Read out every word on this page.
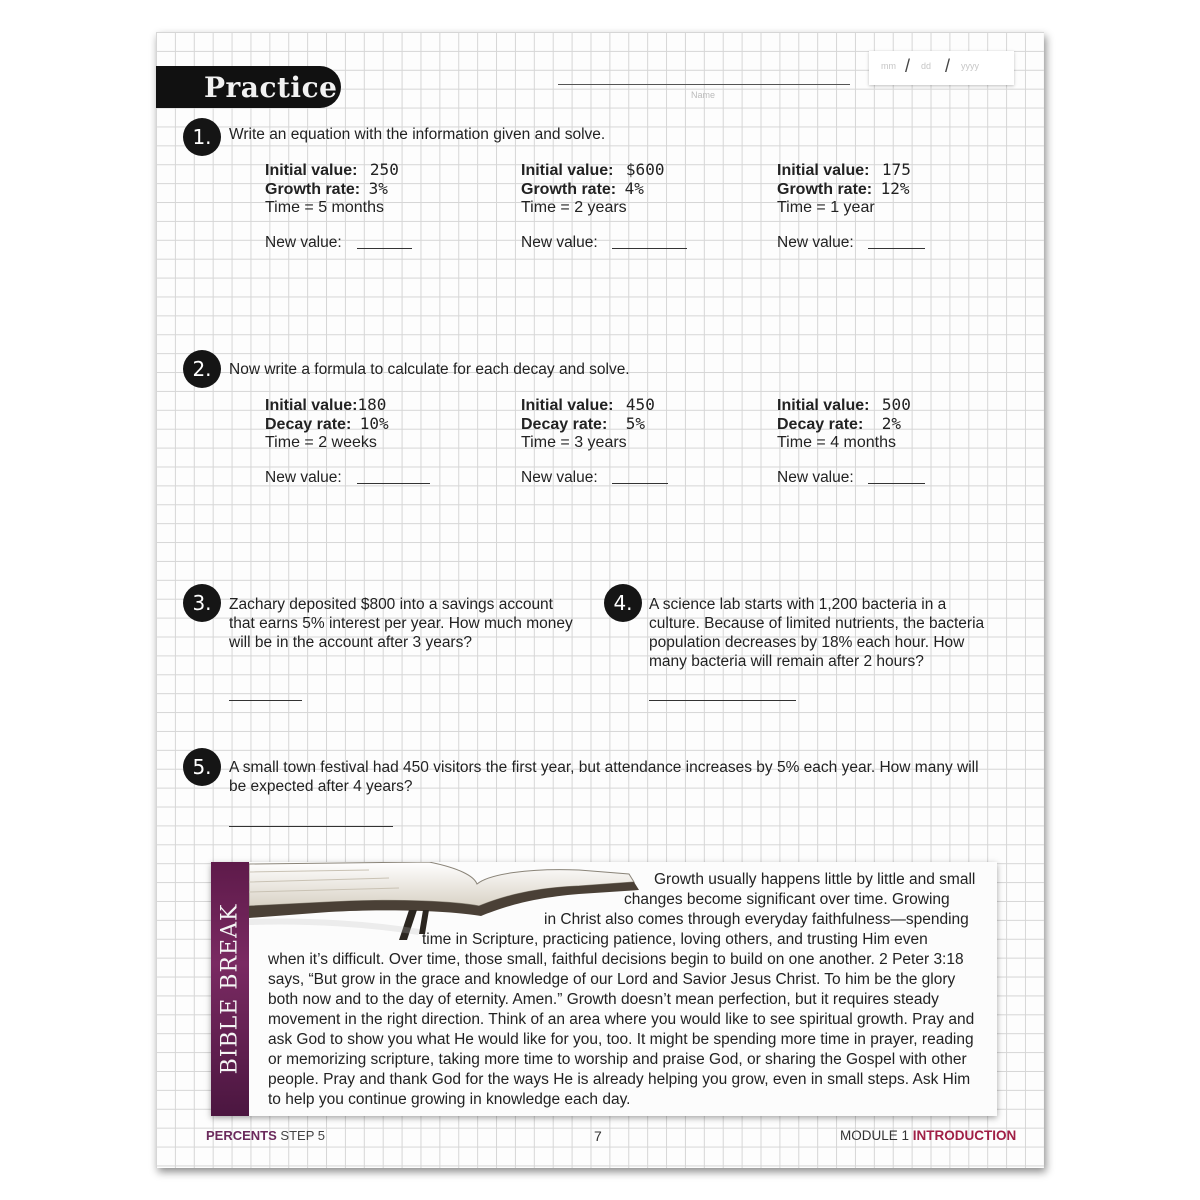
Practice	Name
mm / dd / yyyy
1.	Write an equation with the information given and solve.
Initial value: 250
Growth rate: 3%
Time = 5 months
Initial value: $600
Growth rate: 4%
Time = 2 years
Initial value: 175
Growth rate: 12%
Time = 1 year
New value:	New value:	New value:
2.	Now write a formula to calculate for each decay and solve.
Initial value:180
Decay rate: 10%
Time = 2 weeks
Initial value: 450
Decay rate: 5%
Time = 3 years
Initial value: 500
Decay rate: 2%
Time = 4 months
New value:	New value:	New value:
3.	Zachary deposited $800 into a savings account
that earns 5% interest per year. How much money
will be in the account after 3 years?
4.	A science lab starts with 1,200 bacteria in a
culture. Because of limited nutrients, the bacteria
population decreases by 18% each hour. How
many bacteria will remain after 2 hours?
5.	A small town festival had 450 visitors the first year, but attendance increases by 5% each year. How many will
be expected after 4 years?
BIBLE BREAK
Growth usually happens little by little and small
changes become significant over time. Growing
in Christ also comes through everyday faithfulness—spending
time in Scripture, practicing patience, loving others, and trusting Him even
when it’s difficult. Over time, those small, faithful decisions begin to build on one another. 2 Peter 3:18
says, “But grow in the grace and knowledge of our Lord and Savior Jesus Christ. To him be the glory
both now and to the day of eternity. Amen.” Growth doesn’t mean perfection, but it requires steady
movement in the right direction. Think of an area where you would like to see spiritual growth. Pray and
ask God to show you what He would like for you, too. It might be spending more time in prayer, reading
or memorizing scripture, taking more time to worship and praise God, or sharing the Gospel with other
people. Pray and thank God for the ways He is already helping you grow, even in small steps. Ask Him
to help you continue growing in knowledge each day.
PERCENTS STEP 5	7	MODULE 1 INTRODUCTION
